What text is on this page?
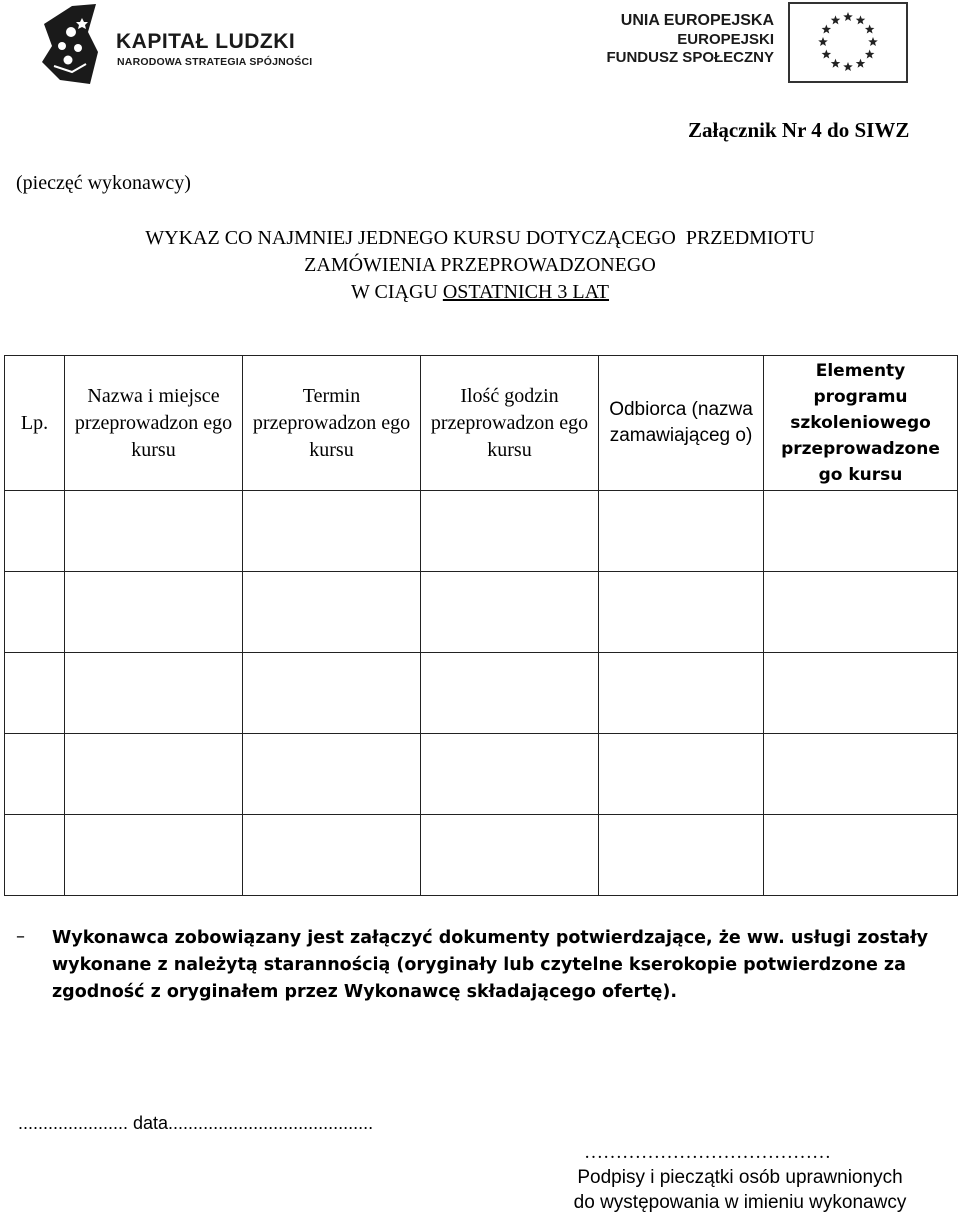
KAPITAŁ LUDZKI
NARODOWA STRATEGIA SPÓJNOŚCI
UNIA EUROPEJSKA
EUROPEJSKI
FUNDUSZ SPOŁECZNY
Załącznik Nr 4 do SIWZ
(pieczęć wykonawcy)
WYKAZ CO NAJMNIEJ JEDNEGO KURSU DOTYCZĄCEGO  PRZEDMIOTU
ZAMÓWIENIA PRZEPROWADZONEGO
W CIĄGU OSTATNICH 3 LAT
Lp.	Nazwa i miejsce przeprowadzon ego kursu	Termin przeprowadzon ego kursu	Ilość godzin przeprowadzon ego kursu	Odbiorca (nazwa zamawiająceg o)	Elementy programu szkoleniowego przeprowadzone go kursu

– Wykonawca zobowiązany jest załączyć dokumenty potwierdzające, że ww. usługi zostały wykonane z należytą starannością (oryginały lub czytelne kserokopie potwierdzone za zgodność z oryginałem przez Wykonawcę składającego ofertę).
...................... data.........................................
…………………………………
Podpisy i pieczątki osób uprawnionych
do występowania w imieniu wykonawcy
